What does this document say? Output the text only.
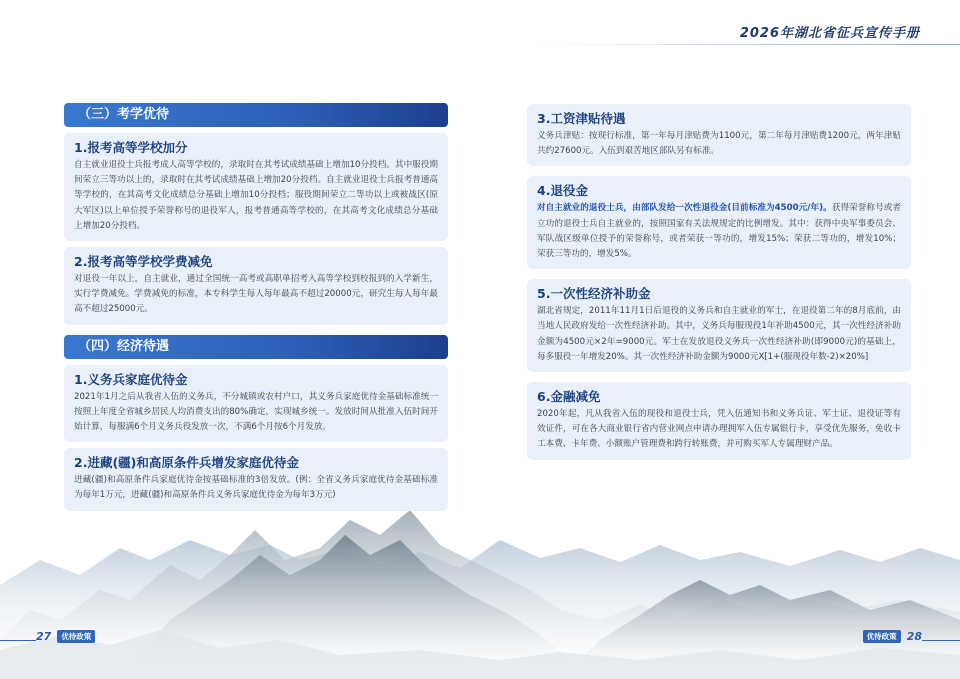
2026年湖北省征兵宣传手册
（三）考学优待
1.报考高等学校加分
自主就业退役士兵报考成人高等学校的，录取时在其考试成绩基础上增加10分投档。其中服役期间荣立三等功以上的，录取时在其考试成绩基础上增加20分投档。自主就业退役士兵报考普通高等学校的，在其高考文化成绩总分基础上增加10分投档；服役期间荣立二等功以上或被战区(原大军区)以上单位授予荣誉称号的退役军人，报考普通高等学校的，在其高考文化成绩总分基础上增加20分投档。
2.报考高等学校学费减免
对退役一年以上，自主就业，通过全国统一高考或高职单招考入高等学校到校报到的入学新生，实行学费减免。学费减免的标准，本专科学生每人每年最高不超过20000元，研究生每人每年最高不超过25000元。
（四）经济待遇
1.义务兵家庭优待金
2021年1月之后从我省入伍的义务兵，不分城镇或农村户口，其义务兵家庭优待金基础标准统一按照上年度全省城乡居民人均消费支出的80%确定，实现城乡统一。发放时间从批准入伍时间开始计算，每服满6个月义务兵役发放一次，不满6个月按6个月发放。
2.进藏(疆)和高原条件兵增发家庭优待金
进藏(疆)和高原条件兵家庭优待金按基础标准的3倍发放。(例：全省义务兵家庭优待金基础标准为每年1万元，进藏(疆)和高原条件兵义务兵家庭优待金为每年3万元)
3.工资津贴待遇
义务兵津贴：按现行标准，第一年每月津贴费为1100元，第二年每月津贴费1200元，两年津贴共约27600元。入伍到艰苦地区部队另有标准。
4.退役金
对自主就业的退役士兵，由部队发给一次性退役金(目前标准为4500元/年)。获得荣誉称号或者立功的退役士兵自主就业的，按照国家有关法规规定的比例增发。其中：获得中央军事委员会、军队战区级单位授予的荣誉称号，或者荣获一等功的，增发15%；荣获二等功的，增发10%；荣获三等功的，增发5%。
5.一次性经济补助金
湖北省规定，2011年11月1日后退役的义务兵和自主就业的军士，在退役第二年的8月底前，由当地人民政府发给一次性经济补助。其中，义务兵每服现役1年补助4500元，其一次性经济补助金额为4500元×2年=9000元。军士在发放退役义务兵一次性经济补助(即9000元)的基础上，每多服役一年增发20%。其一次性经济补助金额为9000元X[1+(服现役年数-2)×20%]
6.金融减免
2020年起，凡从我省入伍的现役和退役士兵，凭入伍通知书和义务兵证、军士证、退役证等有效证件，可在各大商业银行省内营业网点申请办理拥军入伍专属银行卡，享受优先服务，免收卡工本费、卡年费、小额账户管理费和跨行转账费，并可购买军人专属理财产品。
27	优待政策	优待政策 28
